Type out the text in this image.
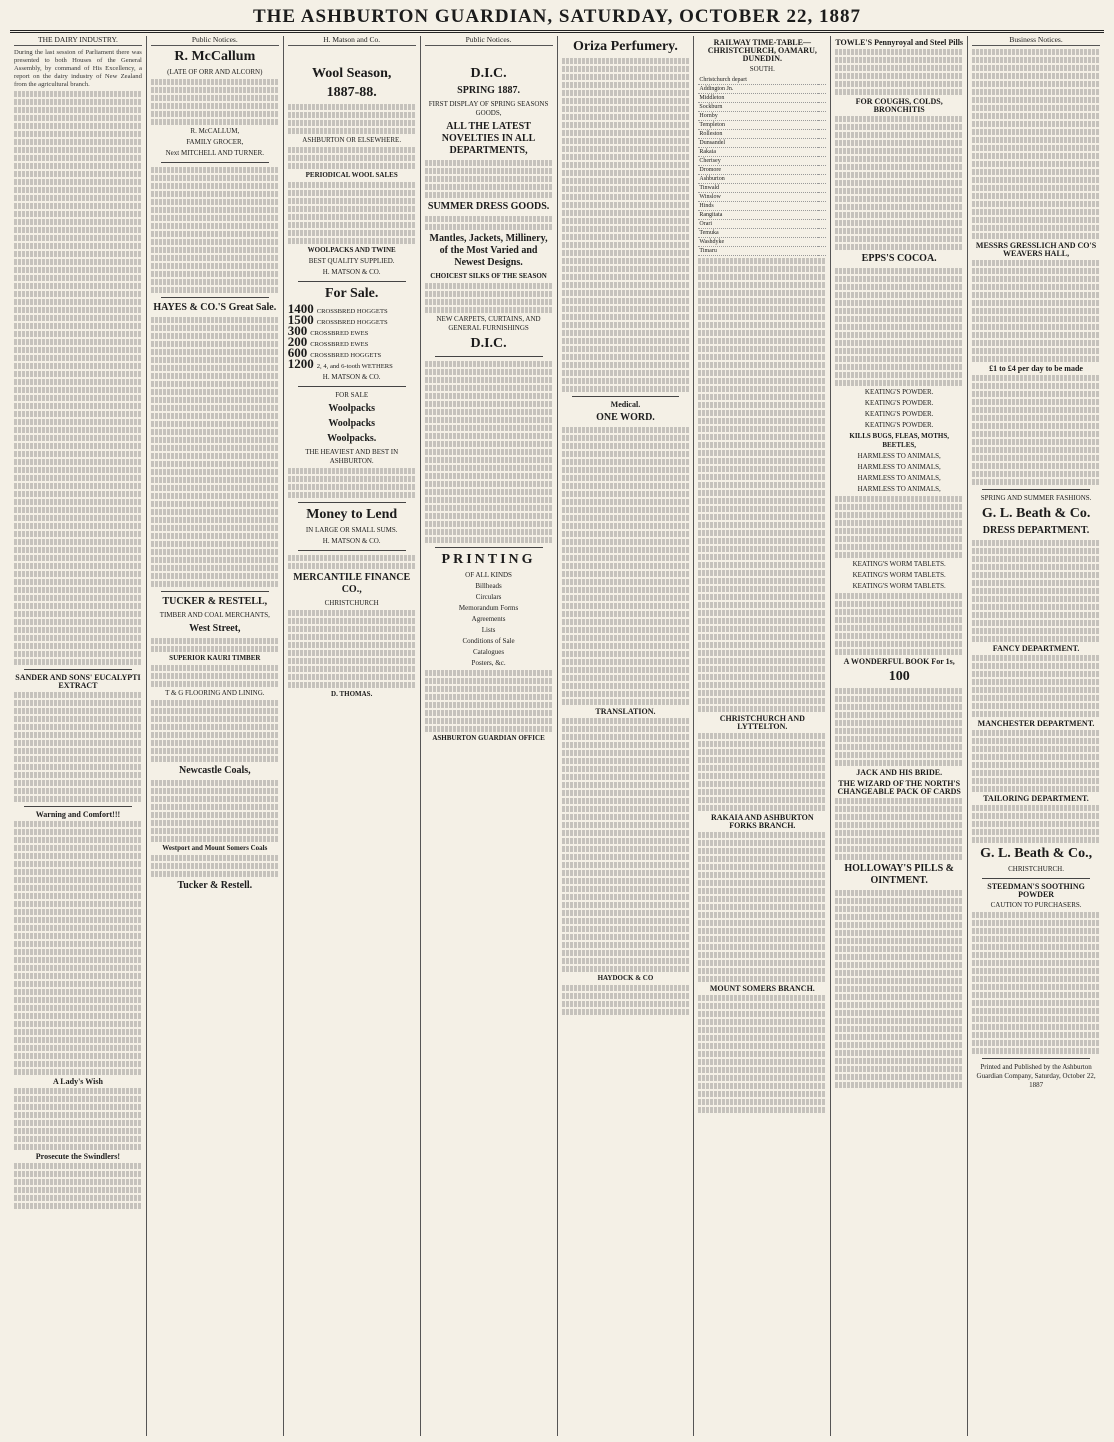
THE ASHBURTON GUARDIAN, SATURDAY, OCTOBER 22, 1887
THE DAIRY INDUSTRY.
During the last session of Parliament there was presented to both Houses of the General Assembly, by command of His Excellency, a report on the dairy industry of New Zealand from the agricultural branch.
SANDER AND SONS' EUCALYPTI EXTRACT
Warning and Comfort!!!
A Lady's Wish
Prosecute the Swindlers!
Public Notices.
R. McCallum
(LATE OF ORR AND ALCORN)
R. McCALLUM,
FAMILY GROCER,
Next MITCHELL AND TURNER.
HAYES & CO.'S Great Sale.
TUCKER & RESTELL,
TIMBER AND COAL MERCHANTS,
West Street,
SUPERIOR KAURI TIMBER
T & G FLOORING AND LINING.
Newcastle Coals,
Westport and Mount Somers Coals
Tucker & Restell.
H. Matson and Co.
Wool Season,
1887-88.
ASHBURTON OR ELSEWHERE.
PERIODICAL WOOL SALES
WOOLPACKS AND TWINE
BEST QUALITY SUPPLIED.
H. MATSON & CO.
For Sale.
1400 CROSSBRED HOGGETS
1500 CROSSBRED HOGGETS
300 CROSSBRED EWES
200 CROSSBRED EWES
600 CROSSBRED HOGGETS
1200 2, 4, and 6-tooth WETHERS
H. MATSON & CO.
FOR SALE
Woolpacks
Woolpacks
Woolpacks.
THE HEAVIEST AND BEST IN ASHBURTON.
Money to Lend
IN LARGE OR SMALL SUMS.
H. MATSON & CO.
MERCANTILE FINANCE CO.,
CHRISTCHURCH
D. THOMAS.
Public Notices.
D.I.C.
SPRING 1887.
FIRST DISPLAY OF SPRING SEASONS GOODS,
ALL THE LATEST NOVELTIES IN ALL DEPARTMENTS,
SUMMER DRESS GOODS.
Mantles, Jackets, Millinery, of the Most Varied and Newest Designs.
CHOICEST SILKS OF THE SEASON
NEW CARPETS, CURTAINS, AND GENERAL FURNISHINGS
D.I.C.
PRINTING
OF ALL KINDS
Billheads
Circulars
Memorandum Forms
Agreements
Lists
Conditions of Sale
Catalogues
Posters, &c.
ASHBURTON GUARDIAN OFFICE
Oriza Perfumery.
Medical.
ONE WORD.
TRANSLATION.
HAYDOCK & CO
RAILWAY TIME-TABLE—CHRISTCHURCH, OAMARU, DUNEDIN.
SOUTH.
Christchurch depart	
Addington Jn.	
Middleton	
Sockburn	
Hornby	
Templeton	
Rolleston	
Dunsandel	
Rakaia	
Chertsey	
Dromore	
Ashburton	
Tinwald	
Winslow	
Hinds	
Rangitata	
Orari	
Temuka	
Washdyke	
Timaru	
CHRISTCHURCH AND LYTTELTON.
RAKAIA AND ASHBURTON FORKS BRANCH.
MOUNT SOMERS BRANCH.
TOWLE'S Pennyroyal and Steel Pills
FOR COUGHS, COLDS, BRONCHITIS
EPPS'S COCOA.
KEATING'S POWDER.
KEATING'S POWDER.
KEATING'S POWDER.
KEATING'S POWDER.
KILLS BUGS, FLEAS, MOTHS, BEETLES,
HARMLESS TO ANIMALS,
HARMLESS TO ANIMALS,
HARMLESS TO ANIMALS,
HARMLESS TO ANIMALS,
KEATING'S WORM TABLETS.
KEATING'S WORM TABLETS.
KEATING'S WORM TABLETS.
A WONDERFUL BOOK For 1s,
100
JACK AND HIS BRIDE.
THE WIZARD OF THE NORTH'S CHANGEABLE PACK OF CARDS
HOLLOWAY'S PILLS & OINTMENT.
Business Notices.
MESSRS GRESSLICH AND CO'S WEAVERS HALL,
£1 to £4 per day to be made
SPRING AND SUMMER FASHIONS.
G. L. Beath & Co.
DRESS DEPARTMENT.
FANCY DEPARTMENT.
MANCHESTER DEPARTMENT.
TAILORING DEPARTMENT.
G. L. Beath & Co.,
CHRISTCHURCH.
STEEDMAN'S SOOTHING POWDER
CAUTION TO PURCHASERS.
Printed and Published by the Ashburton Guardian Company, Saturday, October 22, 1887
